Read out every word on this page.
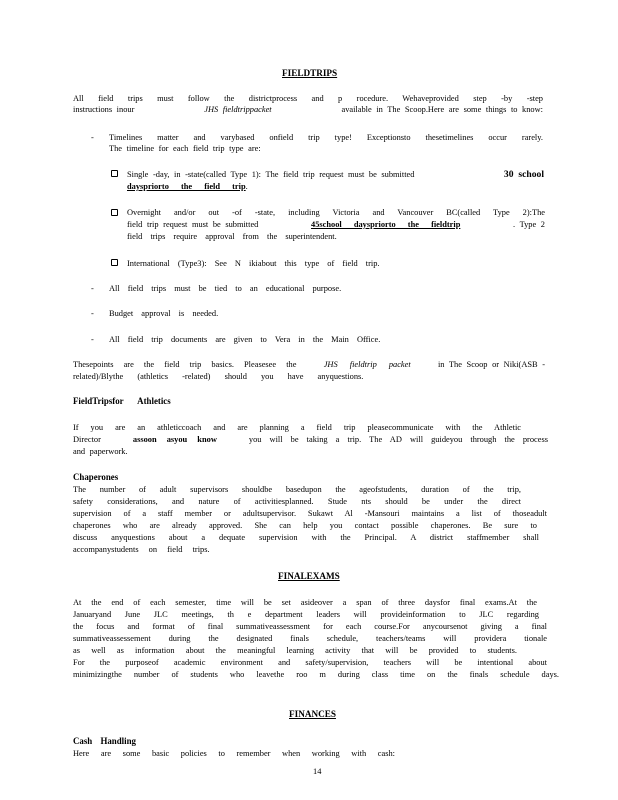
FIELDTRIPS
All field trips must follow the districtprocess and p rocedure. Wehaveprovided step -by -step
instructions inour	JHS fieldtrippacket	available in The Scoop.Here are some things to know:
- Timelines matter and varybased onfield trip type! Exceptionsto thesetimelines occur rarely.
The timeline for each field trip type are:
Single -day, in -state(called Type 1): The field trip request must be submitted	30 school
dayspriorto the field trip.
Overnight and/or out -of -state, including Victoria and Vancouver BC(called Type 2):The
field trip request must be submitted	45school dayspriorto the fieldtrip	. Type 2
field trips require approval from the superintendent.
International (Type3): See N ikiabout this type of field trip.
- All field trips must be tied to an educational purpose.
- Budget approval is needed.
- All field trip documents are given to Vera in the Main Office.
Thesepoints are the field trip basics. Pleasesee the	JHS fieldtrip packet	in The Scoop or Niki(ASB -
related)/Blythe (athletics -related) should you have anyquestions.
FieldTripsfor Athletics
If you are an athleticcoach and are planning a field trip pleasecommunicate with the Athletic
Director	assoon asyou know	you will be taking a trip. The AD will guideyou through the process
and paperwork.
Chaperones
The number of adult supervisors shouldbe basedupon the ageofstudents, duration of the trip,
safety considerations, and nature of activitiesplanned. Stude nts should be under the direct
supervision of a staff member or adultsupervisor. Sukawt Al -Mansouri maintains a list of thoseadult
chaperones who are already approved. She can help you contact possible chaperones. Be sure to
discuss anyquestions about a dequate supervision with the Principal. A district staffmember shall
accompanystudents on field trips.
FINALEXAMS
At the end of each semester, time will be set asideover a span of three daysfor final exams.At the
Januaryand June JLC meetings, th e department leaders will provideinformation to JLC regarding
the focus and format of final summativeassessment for each course.For anycoursenot giving a final
summativeassessement during the designated finals schedule, teachers/teams will providera tionale
as well as information about the meaningful learning activity that will be provided to students.
For the purposeof academic environment and safety/supervision, teachers will be intentional about
minimizingthe number of students who leavethe roo m during class time on the finals schedule days.
FINANCES
Cash Handling
Here are some basic policies to remember when working with cash:
14
